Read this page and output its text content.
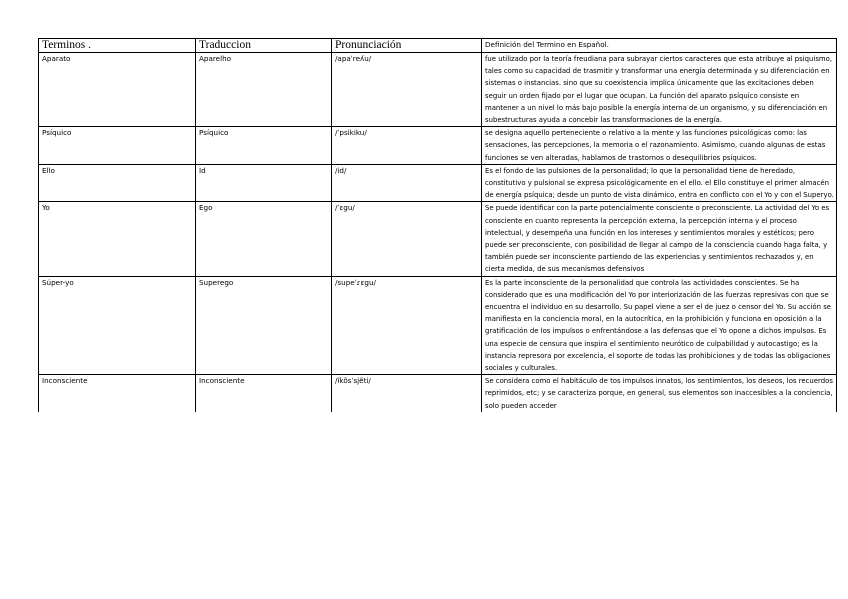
Terminos .	Traduccion	Pronunciación	Definición del Termino en Español.
Aparato	Aparelho	/apaˈreʎu/	fue utilizado por la teoría freudiana para subrayar ciertos caracteres que esta atribuye al psiquismo, tales como su capacidad de trasmitir y transformar una energía determinada y su diferenciación en sistemas o instancias. sino que su coexistencia implica únicamente que las excitaciones deben seguir un orden fijado por el lugar que ocupan. La función del aparato psíquico consiste en mantener a un nivel lo más bajo posible la energía interna de un organismo, y su diferenciación en subestructuras ayuda a concebir las transformaciones de la energía.
Psíquico	Psíquico	/ˈpsikiku/	se designa aquello perteneciente o relativo a la mente y las funciones psicológicas como: las sensaciones, las percepciones, la memoria o el razonamiento. Asimismo, cuando algunas de estas funciones se ven alteradas, hablamos de trastornos o desequilibrios psíquicos.
Ello	Id	/id/	Es el fondo de las pulsiones de la personalidad; lo que la personalidad tiene de heredado, constitutivo y pulsional se expresa psicológicamente en el ello. el Ello constituye el primer almacén de energía psíquica; desde un punto de vista dinámico, entra en conflicto con el Yo y con el Superyo.
Yo	Ego	/ˈɛgu/	Se puede identificar con la parte potencialmente consciente o preconsciente. La actividad del Yo es consciente en cuanto representa la percepción externa, la percepción interna y el proceso intelectual, y desempeña una función en los intereses y sentimientos morales y estéticos; pero puede ser preconsciente, con posibilidad de llegar al campo de la consciencia cuando haga falta, y también puede ser inconsciente partiendo de las experiencias y sentimientos rechazados y, en cierta medida, de sus mecanismos defensivos
Súper-yo	Superego	/supeˈɾɛgu/	Es la parte inconsciente de la personalidad que controla las actividades conscientes. Se ha considerado que es una modificación del Yo por interiorización de las fuerzas represivas con que se encuentra el individuo en su desarrollo. Su papel viene a ser el de juez o censor del Yo. Su acción se manifiesta en la conciencia moral, en la autocrítica, en la prohibición y funciona en oposición a la gratificación de los impulsos o enfrentándose a las defensas que el Yo opone a dichos impulsos. Es una especie de censura que inspira el sentimiento neurótico de culpabilidad y autocastigo; es la instancia represora por excelencia, el soporte de todas las prohibiciones y de todas las obligaciones sociales y culturales.
Inconsciente	Inconsciente	/ĩkõsˈsjẽti/	Se considera como el habitáculo de tos impulsos innatos, los sentimientos, los deseos, los recuerdos reprimidos, etc; y se caracteriza porque, en general, sus elementos son inaccesibles a la conciencia, solo pueden acceder
